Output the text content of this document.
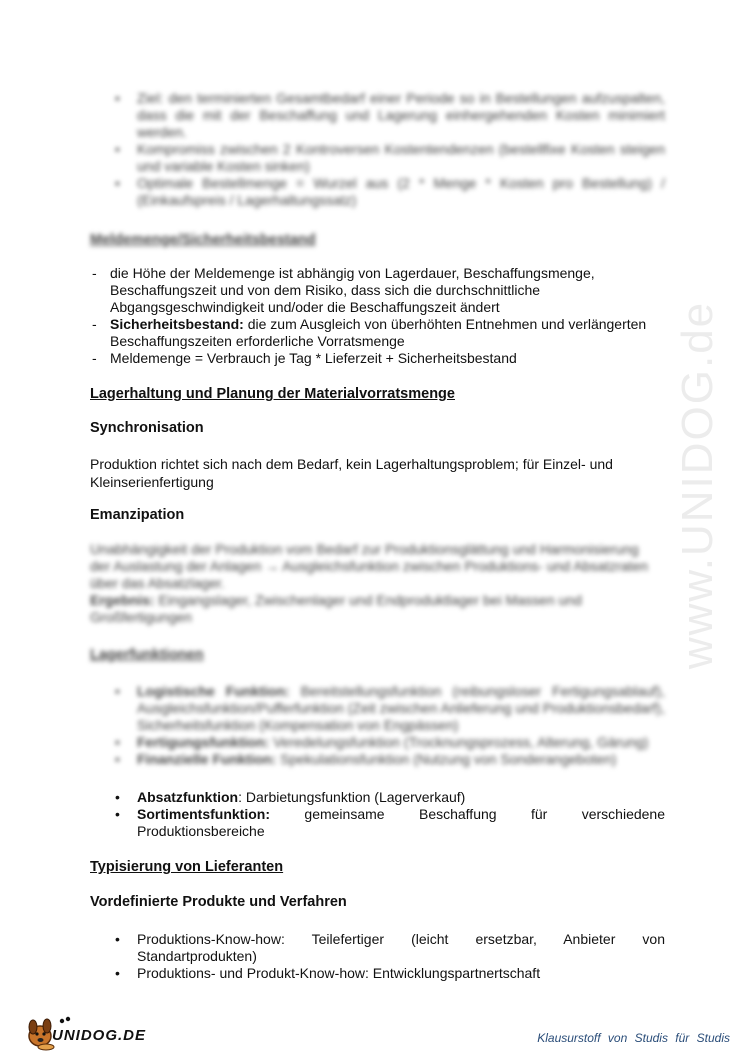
• Ziel: den terminierten Gesamtbedarf einer Periode so in Bestellungen aufzuspalten, dass die mit der Beschaffung und Lagerung einhergehenden Kosten minimiert werden.
• Kompromiss zwischen 2 Kontroversen Kostentendenzen (bestellfixe Kosten steigen und variable Kosten sinken)
• Optimale Bestellmenge = Wurzel aus (2 * Menge * Kosten pro Bestellung) / (Einkaufspreis / Lagerhaltungssatz)
Meldemenge/Sicherheitsbestand
- die Höhe der Meldemenge ist abhängig von Lagerdauer, Beschaffungsmenge, Beschaffungszeit und von dem Risiko, dass sich die durchschnittliche Abgangsgeschwindigkeit und/oder die Beschaffungszeit ändert
- Sicherheitsbestand: die zum Ausgleich von überhöhten Entnehmen und verlängerten Beschaffungszeiten erforderliche Vorratsmenge
- Meldemenge = Verbrauch je Tag * Lieferzeit + Sicherheitsbestand
Lagerhaltung und Planung der Materialvorratsmenge
Synchronisation
Produktion richtet sich nach dem Bedarf, kein Lagerhaltungsproblem; für Einzel- und Kleinserienfertigung
Emanzipation
Unabhängigkeit der Produktion vom Bedarf zur Produktionsglättung und Harmonisierung der Auslastung der Anlagen → Ausgleichsfunktion zwischen Produktions- und Absatzraten über das Absatzlager.
Ergebnis: Eingangslager, Zwischenlager und Endproduktlager bei Massen und Großfertigungen
Lagerfunktionen
• Logistische Funktion: Bereitstellungsfunktion (reibungsloser Fertigungsablauf), Ausgleichsfunktion/Pufferfunktion (Zeit zwischen Anlieferung und Produktionsbedarf), Sicherheitsfunktion (Kompensation von Engpässen)
• Fertigungsfunktion: Veredelungsfunktion (Trocknungsprozess, Alterung, Gärung)
• Finanzielle Funktion: Spekulationsfunktion (Nutzung von Sonderangeboten)
• Absatzfunktion: Darbietungsfunktion (Lagerverkauf)
• Sortimentsfunktion: gemeinsame Beschaffung für verschiedene Produktionsbereiche
Typisierung von Lieferanten
Vordefinierte Produkte und Verfahren
• Produktions-Know-how: Teilefertiger (leicht ersetzbar, Anbieter von Standartprodukten)
• Produktions- und Produkt-Know-how: Entwicklungspartnertschaft
www.UNIDOG.de
UNIDOG.DE	Klausurstoff von Studis für Studis
